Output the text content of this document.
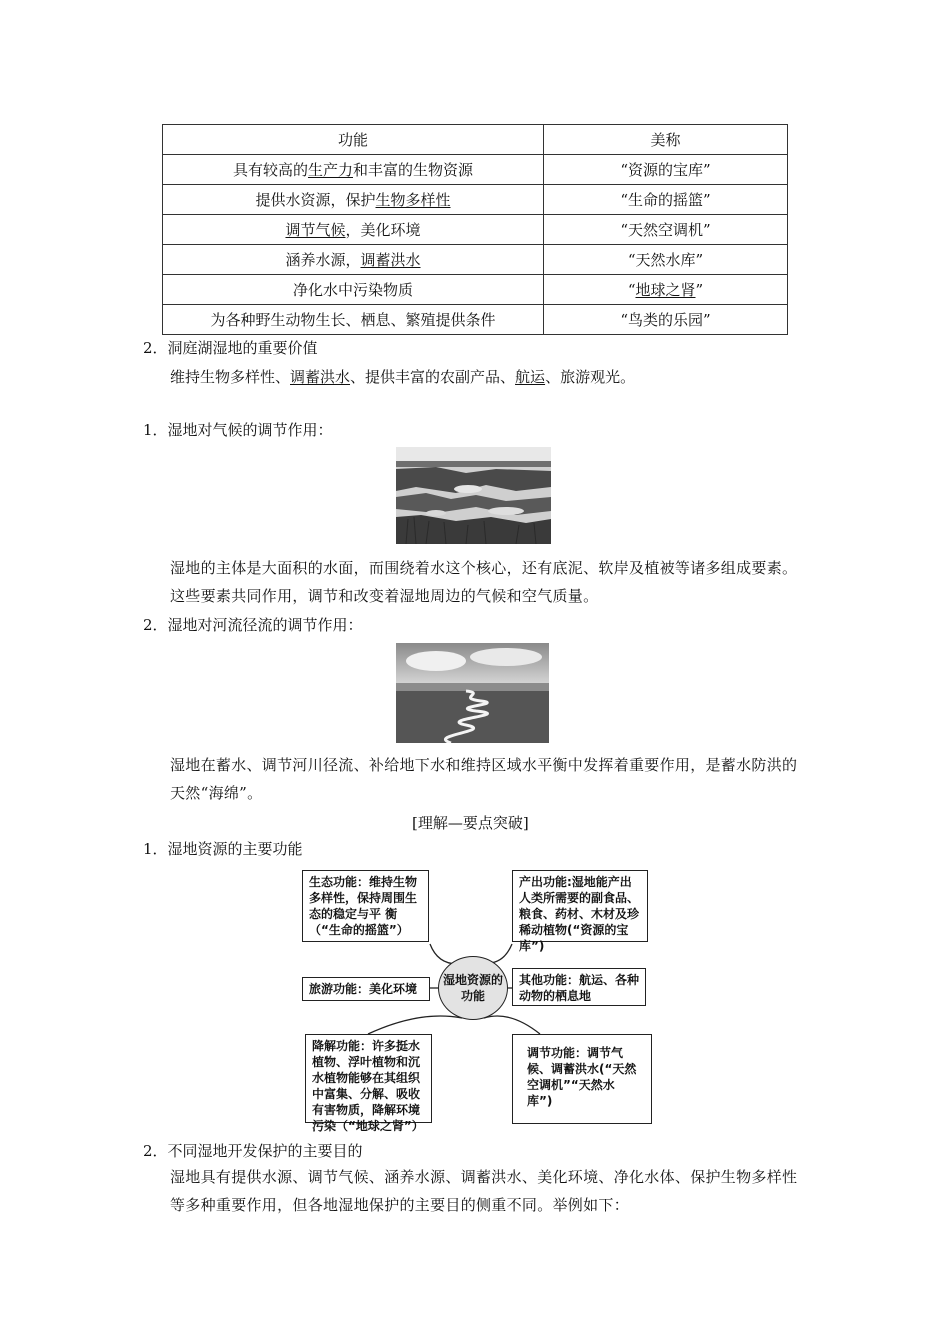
功能	美称
具有较高的生产力和丰富的生物资源	“资源的宝库”
提供水资源，保护生物多样性	“生命的摇篮”
调节气候，美化环境	“天然空调机”
涵养水源，调蓄洪水	“天然水库”
净化水中污染物质	“地球之肾”
为各种野生动物生长、栖息、繁殖提供条件	“鸟类的乐园”
2．洞庭湖湿地的重要价值
维持生物多样性、调蓄洪水、提供丰富的农副产品、航运、旅游观光。
1．湿地对气候的调节作用：
湿地的主体是大面积的水面，而围绕着水这个核心，还有底泥、软岸及植被等诸多组成要素。这些要素共同作用，调节和改变着湿地周边的气候和空气质量。
2．湿地对河流径流的调节作用：
湿地在蓄水、调节河川径流、补给地下水和维持区域水平衡中发挥着重要作用，是蓄水防洪的天然“海绵”。
[理解—要点突破]
1．湿地资源的主要功能
生态功能：维持生物多样性，保持周围生态的稳定与平 衡（“生命的摇篮”）
产出功能:湿地能产出人类所需要的副食品、粮食、药材、木材及珍稀动植物(“资源的宝库”)
旅游功能：美化环境
湿地资源的功能
其他功能：航运、各种动物的栖息地
降解功能：许多挺水植物、浮叶植物和沉水植物能够在其组织中富集、分解、吸收有害物质，降解环境污染（“地球之肾”）
调节功能：调节气候、调蓄洪水(“天然空调机”“天然水库”)
2．不同湿地开发保护的主要目的
湿地具有提供水源、调节气候、涵养水源、调蓄洪水、美化环境、净化水体、保护生物多样性等多种重要作用，但各地湿地保护的主要目的侧重不同。举例如下：
